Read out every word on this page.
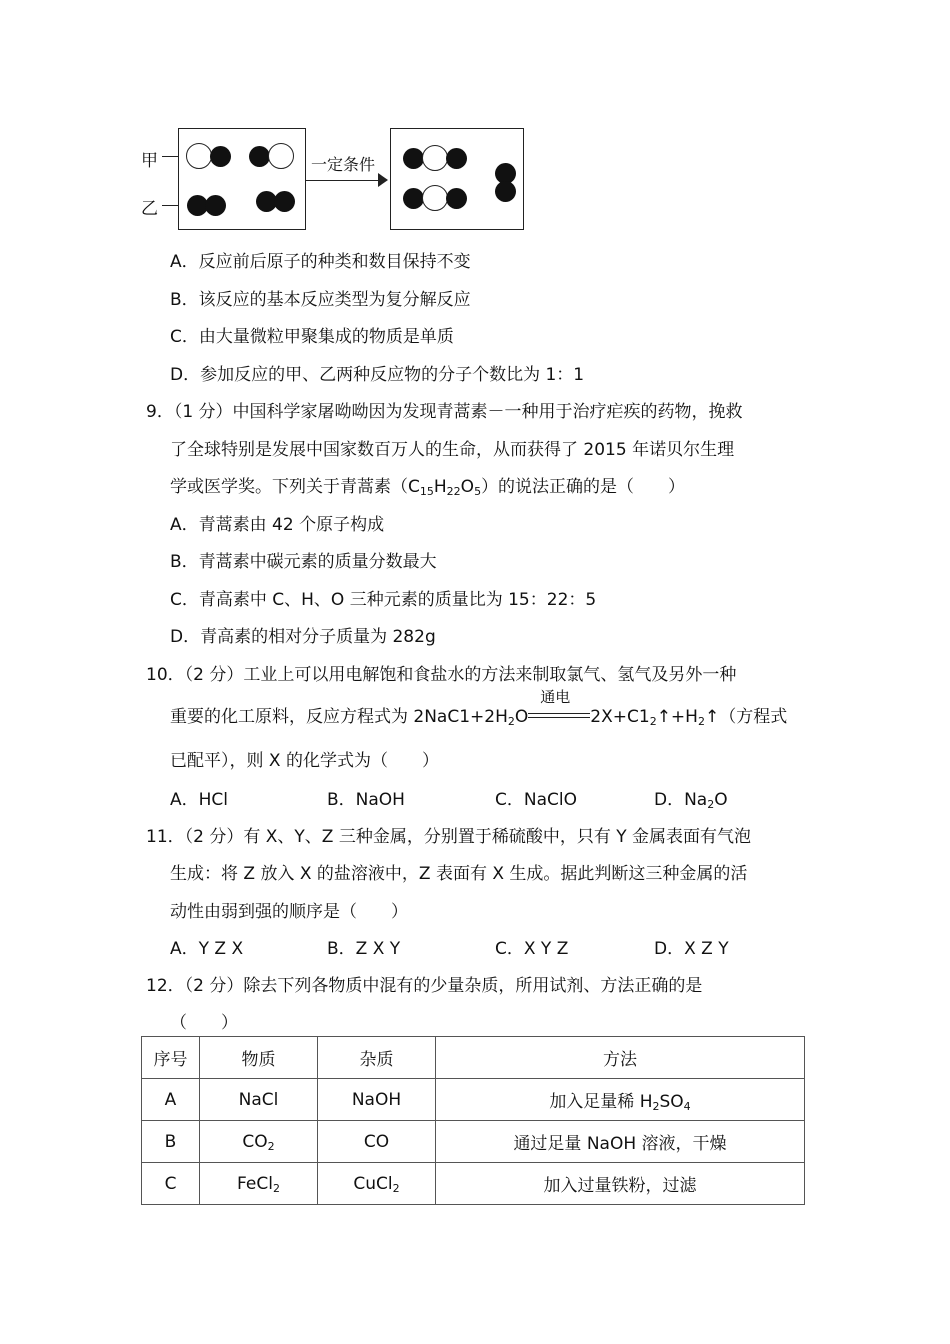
甲
乙
一定条件
A．反应前后原子的种类和数目保持不变
B．该反应的基本反应类型为复分解反应
C．由大量微粒甲聚集成的物质是单质
D．参加反应的甲、乙两种反应物的分子个数比为 1：1
9．（1 分）中国科学家屠呦呦因为发现青蒿素－一种用于治疗疟疾的药物，挽救
了全球特别是发展中国家数百万人的生命，从而获得了 2015 年诺贝尔生理
学或医学奖。下列关于青蒿素$(C_{15}H_{22}O_5)$的说法正确的是（　　）
A．青蒿素由 42 个原子构成
B．青蒿素中碳元素的质量分数最大
C．青高素中 C、H、O 三种元素的质量比为 15：22：5
D．青高素的相对分子质量为 282g
10．（2 分）工业上可以用电解饱和食盐水的方法来制取氯气、氢气及另外一种
重要的化工原料，反应方程式为 $2NaC1+2H_2O$
通电
$2X+C1_2↑+H_2↑$（方程式
已配平），则 X 的化学式为（　　）
A．HCl	B．NaOH	C．NaClO	D．$Na_2O$
11．（2 分）有 X、Y、Z 三种金属，分别置于稀硫酸中，只有 Y 金属表面有气泡
生成：将 Z 放入 X 的盐溶液中，Z 表面有 X 生成。据此判断这三种金属的活
动性由弱到强的顺序是（　　）
A．Y Z X	B．Z X Y	C．X Y Z	D．X Z Y
12．（2 分）除去下列各物质中混有的少量杂质，所用试剂、方法正确的是
（　　）
序号	物质	杂质	方法
A	NaCl	NaOH	加入足量稀 $H_2SO_4$
B	$CO_2$	CO	通过足量 NaOH 溶液，干燥
C	FeCl$_2$	CuCl$_2$	加入过量铁粉，过滤
